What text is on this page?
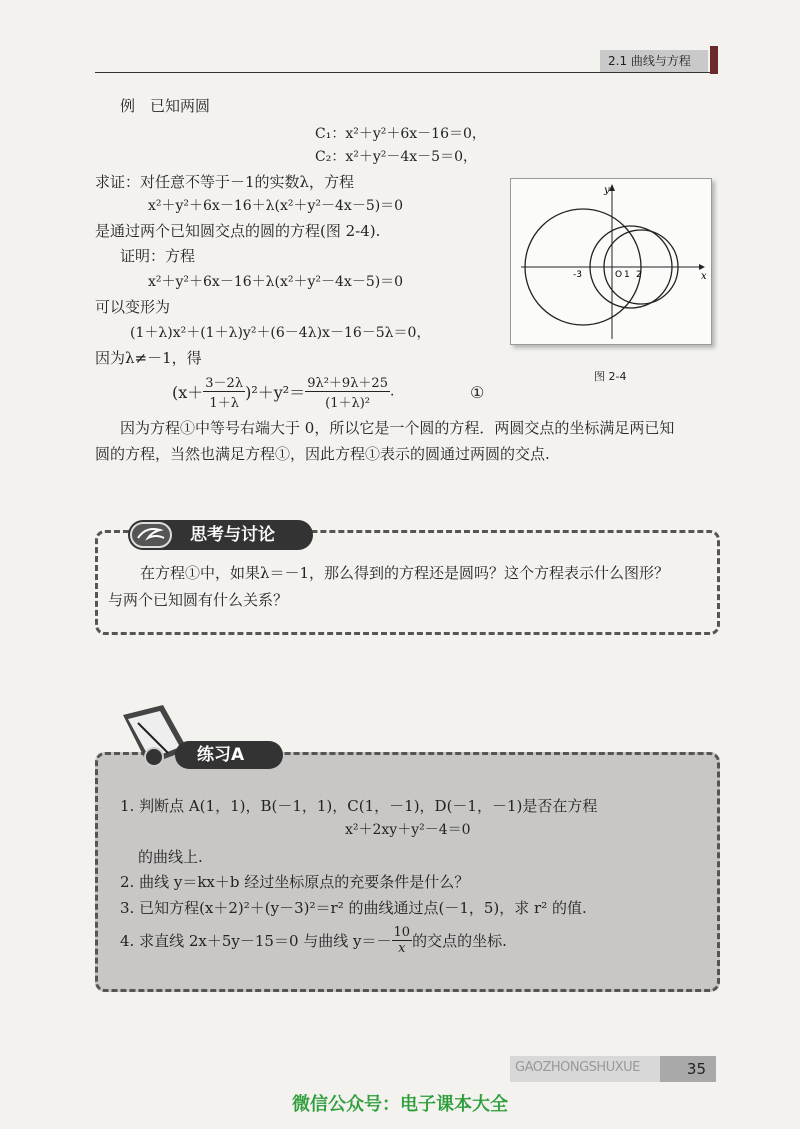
2.1 曲线与方程
例　已知两圆
C₁：x²＋y²＋6x－16＝0，
C₂：x²＋y²－4x－5＝0，
求证：对任意不等于－1的实数λ，方程
x²＋y²＋6x－16＋λ(x²＋y²－4x－5)＝0
是通过两个已知圆交点的圆的方程(图 2-4).
证明：方程
x²＋y²＋6x－16＋λ(x²＋y²－4x－5)＝0
可以变形为
(1＋λ)x²＋(1＋λ)y²＋(6－4λ)x－16－5λ＝0，
因为λ≠－1，得
$(x+ \frac{3-2\lambda}{1+\lambda} )^2+y^2= \frac{\text{9λ²＋9λ＋25}}{\text{(1＋λ)²}}$ .	①
因为方程①中等号右端大于 0，所以它是一个圆的方程．两圆交点的坐标满足两已知
圆的方程，当然也满足方程①，因此方程①表示的圆通过两圆的交点.
x
y
-3	O 1 2
图 2-4
思考与讨论
在方程①中，如果λ＝－1，那么得到的方程还是圆吗？这个方程表示什么图形？
与两个已知圆有什么关系？
练习A
1. 判断点 A(1，1)，B(－1，1)，C(1，－1)，D(－1，－1)是否在方程
x²＋2xy＋y²－4＝0
的曲线上.
2. 曲线 y＝kx＋b 经过坐标原点的充要条件是什么？
3. 已知方程(x＋2)²＋(y－3)²＝r² 的曲线通过点(－1，5)，求 r² 的值.
4. 求直线 2x＋5y－15＝0 与曲线 $y=- \frac{10}{x}$ 的交点的坐标.
GAOZHONGSHUXUE	35
微信公众号：电子课本大全
